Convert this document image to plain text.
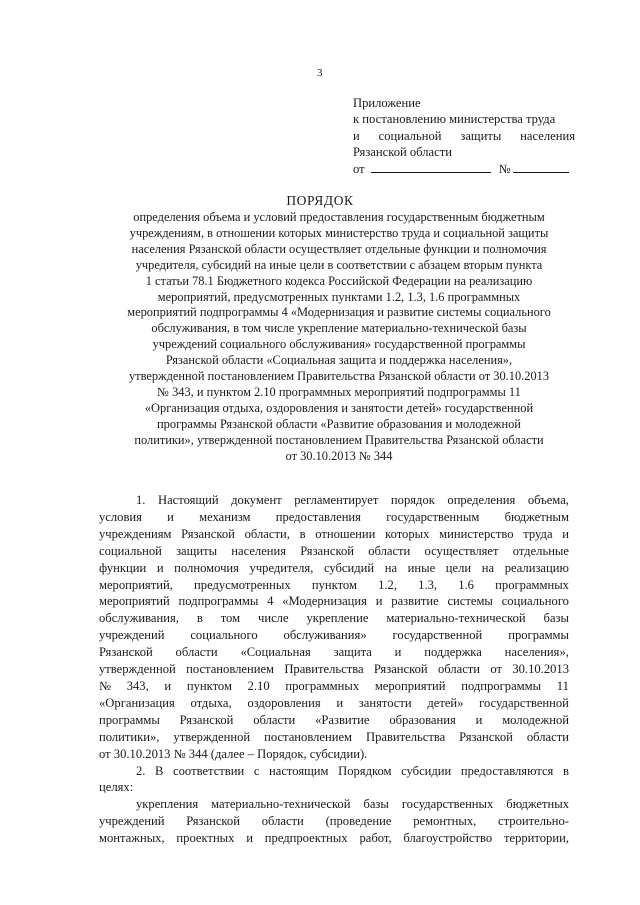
3
Приложение
к постановлению министерства труда
и социальной защиты населения
Рязанской области
от	№
ПОРЯДОК
определения объема и условий предоставления государственным бюджетным
учреждениям, в отношении которых министерство труда и социальной защиты
населения Рязанской области осуществляет отдельные функции и полномочия
учредителя, субсидий на иные цели в соответствии с абзацем вторым пункта
1 статьи 78.1 Бюджетного кодекса Российской Федерации на реализацию
мероприятий, предусмотренных пунктами 1.2, 1.3, 1.6 программных
мероприятий подпрограммы 4 «Модернизация и развитие системы социального
обслуживания, в том числе укрепление материально-технической базы
учреждений социального обслуживания» государственной программы
Рязанской области «Социальная защита и поддержка населения»,
утвержденной постановлением Правительства Рязанской области от 30.10.2013
№ 343, и пунктом 2.10 программных мероприятий подпрограммы 11
«Организация отдыха, оздоровления и занятости детей» государственной
программы Рязанской области «Развитие образования и молодежной
политики», утвержденной постановлением Правительства Рязанской области
от 30.10.2013 № 344
1. Настоящий документ регламентирует порядок определения объема,
условия и механизм предоставления государственным бюджетным
учреждениям Рязанской области, в отношении которых министерство труда и
социальной защиты населения Рязанской области осуществляет отдельные
функции и полномочия учредителя, субсидий на иные цели на реализацию
мероприятий, предусмотренных пунктом 1.2, 1.3, 1.6 программных
мероприятий подпрограммы 4 «Модернизация и развитие системы социального
обслуживания, в том числе укрепление материально-технической базы
учреждений социального обслуживания» государственной программы
Рязанской области «Социальная защита и поддержка населения»,
утвержденной постановлением Правительства Рязанской области от 30.10.2013
№ 343, и пунктом 2.10 программных мероприятий подпрограммы 11
«Организация отдыха, оздоровления и занятости детей» государственной
программы Рязанской области «Развитие образования и молодежной
политики», утвержденной постановлением Правительства Рязанской области
от 30.10.2013 № 344 (далее – Порядок, субсидии).
2. В соответствии с настоящим Порядком субсидии предоставляются в
целях:
укрепления материально-технической базы государственных бюджетных
учреждений Рязанской области (проведение ремонтных, строительно-
монтажных, проектных и предпроектных работ, благоустройство территории,
